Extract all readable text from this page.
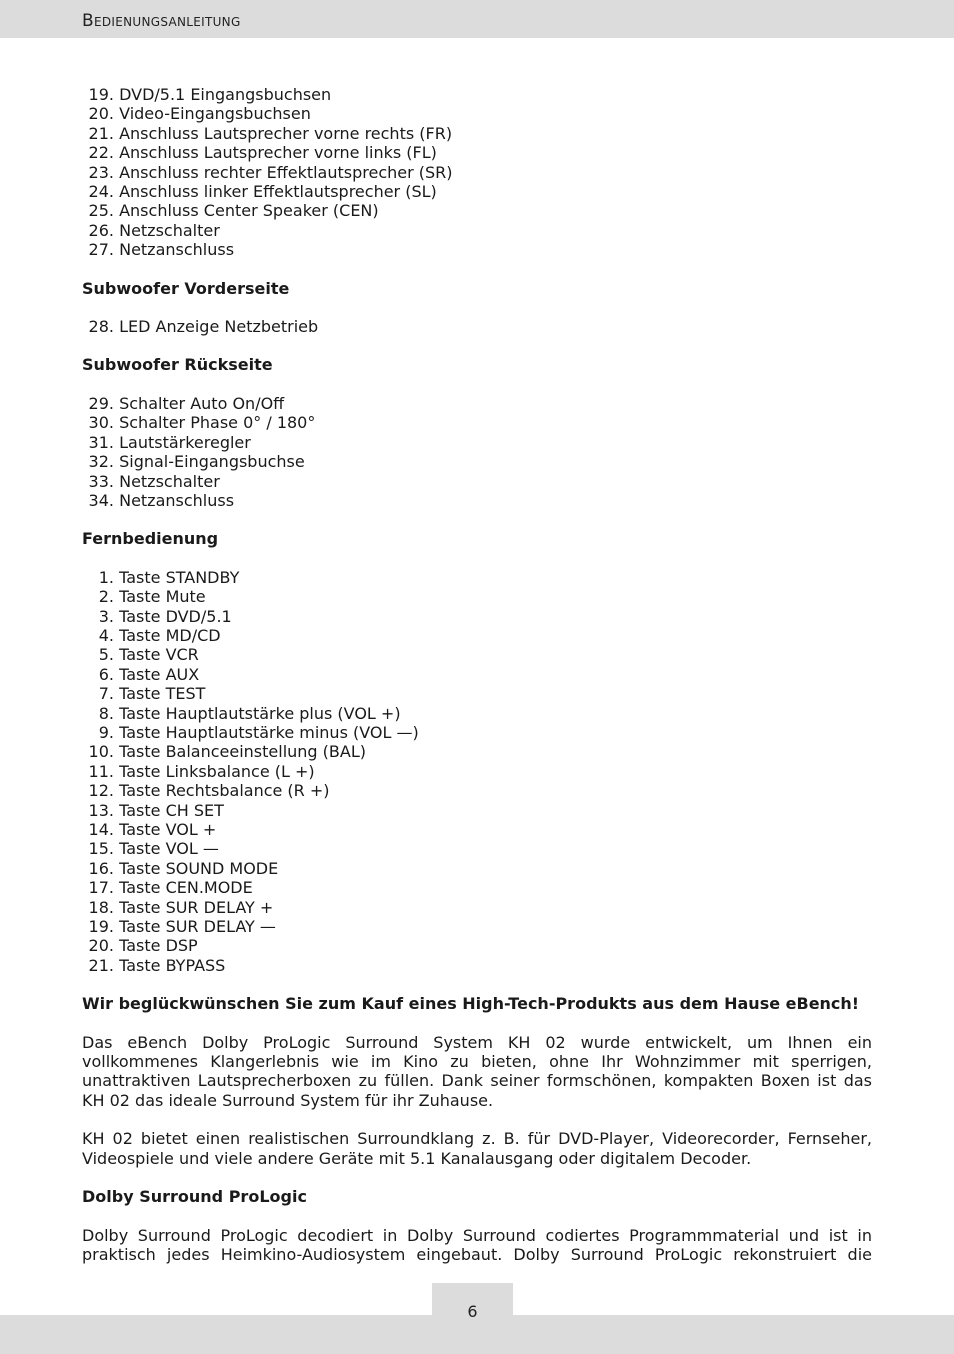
Bedienungsanleitung
19.
DVD/5.1 Eingangsbuchsen
20.
Video-Eingangsbuchsen
21.
Anschluss Lautsprecher vorne rechts (FR)
22.
Anschluss Lautsprecher vorne links (FL)
23.
Anschluss rechter Effektlautsprecher (SR)
24.
Anschluss linker Effektlautsprecher (SL)
25.
Anschluss Center Speaker (CEN)
26.
Netzschalter
27.
Netzanschluss
Subwoofer Vorderseite
28.
LED Anzeige Netzbetrieb
Subwoofer Rückseite
29.
Schalter Auto On/Off
30.
Schalter Phase 0° / 180°
31.
Lautstärkeregler
32.
Signal-Eingangsbuchse
33.
Netzschalter
34.
Netzanschluss
Fernbedienung
1.
Taste STANDBY
2.
Taste Mute
3.
Taste DVD/5.1
4.
Taste MD/CD
5.
Taste VCR
6.
Taste AUX
7.
Taste TEST
8.
Taste Hauptlautstärke plus (VOL +)
9.
Taste Hauptlautstärke minus (VOL —)
10.
Taste Balanceeinstellung (BAL)
11.
Taste Linksbalance (L +)
12.
Taste Rechtsbalance (R +)
13.
Taste CH SET
14.
Taste VOL +
15.
Taste VOL —
16.
Taste SOUND MODE
17.
Taste CEN.MODE
18.
Taste SUR DELAY +
19.
Taste SUR DELAY —
20.
Taste DSP
21.
Taste BYPASS
Wir beglückwünschen Sie zum Kauf eines High-Tech-Produkts aus dem Hause eBench!

Das eBench Dolby ProLogic Surround System KH 02 wurde entwickelt, um Ihnen ein vollkommenes Klangerlebnis wie im Kino zu bieten, ohne Ihr Wohnzimmer mit sperrigen, unattraktiven Lautsprecherboxen zu füllen. Dank seiner formschönen, kompakten Boxen ist das KH 02 das ideale Surround System für ihr Zuhause.

KH 02 bietet einen realistischen Surroundklang z. B. für DVD-Player, Videorecorder, Fernseher, Videospiele und viele andere Geräte mit 5.1 Kanalausgang oder digitalem Decoder.

Dolby Surround ProLogic

Dolby Surround ProLogic decodiert in Dolby Surround codiertes Programmmaterial und ist in praktisch jedes Heimkino-Audiosystem eingebaut. Dolby Surround ProLogic rekonstruiert die

6
